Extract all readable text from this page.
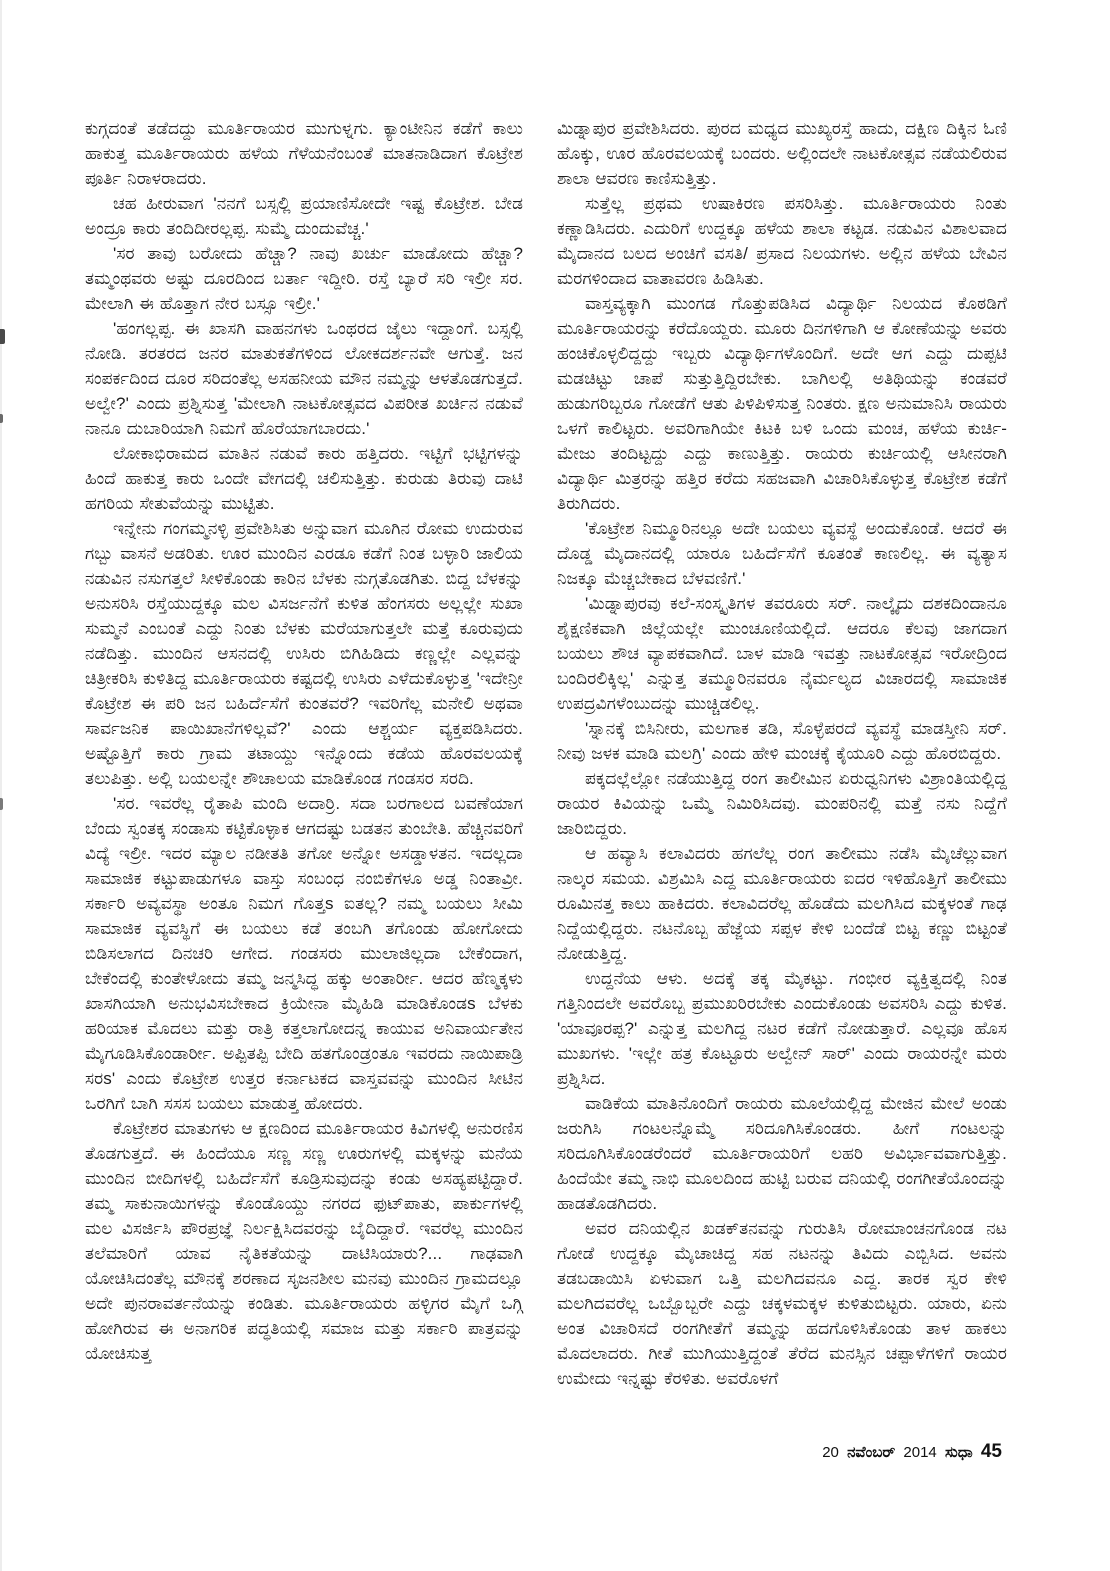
ಕುಗ್ಗದಂತೆ ತಡೆದದ್ದು ಮೂರ್ತಿರಾಯರ ಮುಗುಳ್ನಗು. ಕ್ಯಾಂಟೀನಿನ ಕಡೆಗೆ ಕಾಲು ಹಾಕುತ್ತ ಮೂರ್ತಿರಾಯರು ಹಳೆಯ ಗೆಳೆಯನೆಂಬಂತೆ ಮಾತನಾಡಿದಾಗ ಕೊಟ್ರೇಶ ಪೂರ್ತಿ ನಿರಾಳರಾದರು.

ಚಹ ಹೀರುವಾಗ 'ನನಗೆ ಬಸ್ಸಲ್ಲಿ ಪ್ರಯಾಣಿಸೋದೇ ಇಷ್ಟ ಕೊಟ್ರೇಶ. ಬೇಡ ಅಂದ್ರೂ ಕಾರು ತಂದಿದೀರಲ್ಲಪ್ಪ. ಸುಮ್ಮೆ ದುಂದುವೆಚ್ಚ.'

'ಸರ ತಾವು ಬರೋದು ಹೆಚ್ಚಾ? ನಾವು ಖರ್ಚು ಮಾಡೋದು ಹೆಚ್ಚಾ? ತಮ್ಮಂಥವರು ಅಷ್ಟು ದೂರದಿಂದ ಬರ್ತಾ ಇದ್ದೀರಿ. ರಸ್ತೆ ಬ್ಯಾರೆ ಸರಿ ಇಲ್ರೀ ಸರ. ಮೇಲಾಗಿ ಈ ಹೊತ್ತಾಗ ನೇರ ಬಸ್ಸೂ ಇಲ್ರೀ.'

'ಹಂಗಲ್ಲಪ್ಪ. ಈ ಖಾಸಗಿ ವಾಹನಗಳು ಒಂಥರದ ಜೈಲು ಇದ್ದಾಂಗೆ. ಬಸ್ಸಲ್ಲಿ ನೋಡಿ. ತರತರದ ಜನರ ಮಾತುಕತೆಗಳಿಂದ ಲೋಕದರ್ಶನವೇ ಆಗುತ್ತೆ. ಜನ ಸಂಪರ್ಕದಿಂದ ದೂರ ಸರಿದಂತೆಲ್ಲ ಅಸಹನೀಯ ಮೌನ ನಮ್ಮನ್ನು ಆಳತೊಡಗುತ್ತದೆ. ಅಲ್ವೇ?' ಎಂದು ಪ್ರಶ್ನಿಸುತ್ತ 'ಮೇಲಾಗಿ ನಾಟಕೋತ್ಸವದ ವಿಪರೀತ ಖರ್ಚಿನ ನಡುವೆ ನಾನೂ ದುಬಾರಿಯಾಗಿ ನಿಮಗೆ ಹೊರೆಯಾಗಬಾರದು.'

ಲೋಕಾಭಿರಾಮದ ಮಾತಿನ ನಡುವೆ ಕಾರು ಹತ್ತಿದರು. ಇಟ್ಟಿಗೆ ಭಟ್ಟಿಗಳನ್ನು ಹಿಂದೆ ಹಾಕುತ್ತ ಕಾರು ಒಂದೇ ವೇಗದಲ್ಲಿ ಚಲಿಸುತ್ತಿತ್ತು. ಕುರುಡು ತಿರುವು ದಾಟಿ ಹಗರಿಯ ಸೇತುವೆಯನ್ನು ಮುಟ್ಟಿತು.

ಇನ್ನೇನು ಗಂಗಮ್ಮನಳ್ಳಿ ಪ್ರವೇಶಿಸಿತು ಅನ್ನುವಾಗ ಮೂಗಿನ ರೋಮ ಉದುರುವ ಗಬ್ಬು ವಾಸನೆ ಅಡರಿತು. ಊರ ಮುಂದಿನ ಎರಡೂ ಕಡೆಗೆ ನಿಂತ ಬಳ್ಳಾರಿ ಜಾಲಿಯ ನಡುವಿನ ನಸುಗತ್ತಲೆ ಸೀಳಿಕೊಂಡು ಕಾರಿನ ಬೆಳಕು ನುಗ್ಗತೊಡಗಿತು. ಬಿದ್ದ ಬೆಳಕನ್ನು ಅನುಸರಿಸಿ ರಸ್ತೆಯುದ್ದಕ್ಕೂ ಮಲ ವಿಸರ್ಜನೆಗೆ ಕುಳಿತ ಹೆಂಗಸರು ಅಲ್ಲಲ್ಲೇ ಸುಖಾ ಸುಮ್ಮನೆ ಎಂಬಂತೆ ಎದ್ದು ನಿಂತು ಬೆಳಕು ಮರೆಯಾಗುತ್ತಲೇ ಮತ್ತೆ ಕೂರುವುದು ನಡೆದಿತ್ತು. ಮುಂದಿನ ಆಸನದಲ್ಲಿ ಉಸಿರು ಬಿಗಿಹಿಡಿದು ಕಣ್ಣಲ್ಲೇ ಎಲ್ಲವನ್ನು ಚಿತ್ರೀಕರಿಸಿ ಕುಳಿತಿದ್ದ ಮೂರ್ತಿರಾಯರು ಕಷ್ಟದಲ್ಲಿ ಉಸಿರು ಎಳೆದುಕೊಳ್ಳುತ್ತ 'ಇದೇನ್ರೀ ಕೊಟ್ರೇಶ ಈ ಪರಿ ಜನ ಬಹಿರ್ದೆಸೆಗೆ ಕುಂತವರೆ? ಇವರಿಗೆಲ್ಲ ಮನೇಲಿ ಅಥವಾ ಸಾರ್ವಜನಿಕ ಪಾಯಿಖಾನೆಗಳಿಲ್ಲವೆ?' ಎಂದು ಆಶ್ಚರ್ಯ ವ್ಯಕ್ತಪಡಿಸಿದರು. ಅಷ್ಟೊತ್ತಿಗೆ ಕಾರು ಗ್ರಾಮ ತಟಾಯ್ದು ಇನ್ನೊಂದು ಕಡೆಯ ಹೊರವಲಯಕ್ಕೆ ತಲುಪಿತ್ತು. ಅಲ್ಲಿ ಬಯಲನ್ನೇ ಶೌಚಾಲಯ ಮಾಡಿಕೊಂಡ ಗಂಡಸರ ಸರದಿ.

'ಸರ. ಇವರೆಲ್ಲ ರೈತಾಪಿ ಮಂದಿ ಅದಾರ್ರಿ. ಸದಾ ಬರಗಾಲದ ಬವಣೆಯಾಗ ಬೆಂದು ಸ್ವಂತಕ್ಕ ಸಂಡಾಸು ಕಟ್ಟಿಕೊಳ್ಳಾಕ ಆಗದಷ್ಟು ಬಡತನ ತುಂಬೇತಿ. ಹೆಚ್ಚಿನವರಿಗೆ ವಿದ್ಯೆ ಇಲ್ರೀ. ಇದರ ಮ್ಯಾಲ ನಡೀತತಿ ತಗೋ ಅನ್ನೋ ಅಸಡ್ಡಾಳತನ. ಇದಲ್ಲದಾ ಸಾಮಾಜಿಕ ಕಟ್ಟುಪಾಡುಗಳೂ ವಾಸ್ತು ಸಂಬಂಧ ನಂಬಿಕೆಗಳೂ ಅಡ್ಡ ನಿಂತಾವ್ರೀ. ಸರ್ಕಾರಿ ಅವ್ಯವಸ್ಥಾ ಅಂತೂ ನಿಮಗ ಗೊತ್ತs ಐತಲ್ಲ? ನಮ್ಮ ಬಯಲು ಸೀಮಿ ಸಾಮಾಜಿಕ ವ್ಯವಸ್ಥಿಗೆ ಈ ಬಯಲು ಕಡೆ ತಂಬಗಿ ತಗೊಂಡು ಹೋಗೋದು ಬಿಡಿಸಲಾಗದ ದಿನಚರಿ ಆಗೇದ. ಗಂಡಸರು ಮುಲಾಜಿಲ್ಲದಾ ಬೇಕೆಂದಾಗ, ಬೇಕೆಂದಲ್ಲಿ ಕುಂತೇಳೋದು ತಮ್ಮ ಜನ್ಮಸಿದ್ಧ ಹಕ್ಕು ಅಂತಾರ್ರೀ. ಆದರ ಹೆಣ್ಮಕ್ಕಳು ಖಾಸಗಿಯಾಗಿ ಅನುಭವಿಸಬೇಕಾದ ಕ್ರಿಯೇನಾ ಮೈಹಿಡಿ ಮಾಡಿಕೊಂಡs ಬೆಳಕು ಹರಿಯಾಕ ಮೊದಲು ಮತ್ತು ರಾತ್ರಿ ಕತ್ತಲಾಗೋದನ್ನ ಕಾಯುವ ಅನಿವಾರ್ಯತೇನ ಮೈಗೂಡಿಸಿಕೊಂಡಾರ್ರೀ. ಅಪ್ಪಿತಪ್ಪಿ ಬೇದಿ ಹತಗೊಂಡ್ರಂತೂ ಇವರದು ನಾಯಿಪಾಡ್ರಿ ಸರs' ಎಂದು ಕೊಟ್ರೇಶ ಉತ್ತರ ಕರ್ನಾಟಕದ ವಾಸ್ತವವನ್ನು ಮುಂದಿನ ಸೀಟಿನ ಒರಗಿಗೆ ಬಾಗಿ ಸಸಸ ಬಯಲು ಮಾಡುತ್ತ ಹೋದರು.

ಕೊಟ್ರೇಶರ ಮಾತುಗಳು ಆ ಕ್ಷಣದಿಂದ ಮೂರ್ತಿರಾಯರ ಕಿವಿಗಳಲ್ಲಿ ಅನುರಣಿಸ ತೊಡಗುತ್ತದೆ. ಈ ಹಿಂದೆಯೂ ಸಣ್ಣ ಸಣ್ಣ ಊರುಗಳಲ್ಲಿ ಮಕ್ಕಳನ್ನು ಮನೆಯ ಮುಂದಿನ ಬೀದಿಗಳಲ್ಲಿ ಬಹಿರ್ದೆಸೆಗೆ ಕೂಡ್ರಿಸುವುದನ್ನು ಕಂಡು ಅಸಹ್ಯಪಟ್ಟಿದ್ದಾರೆ. ತಮ್ಮ ಸಾಕುನಾಯಿಗಳನ್ನು ಕೊಂಡೊಯ್ದು ನಗರದ ಫುಟ್‌ಪಾತು, ಪಾರ್ಕುಗಳಲ್ಲಿ ಮಲ ವಿಸರ್ಜಿಸಿ ಪೌರಪ್ರಜ್ಞೆ ನಿರ್ಲಕ್ಷಿಸಿದವರನ್ನು ಬೈದಿದ್ದಾರೆ. ಇವರೆಲ್ಲ ಮುಂದಿನ ತಲೆಮಾರಿಗೆ ಯಾವ ನೈತಿಕತೆಯನ್ನು ದಾಟಿಸಿಯಾರು?... ಗಾಢವಾಗಿ ಯೋಚಿಸಿದಂತೆಲ್ಲ ಮೌನಕ್ಕೆ ಶರಣಾದ ಸೃಜನಶೀಲ ಮನವು ಮುಂದಿನ ಗ್ರಾಮದಲ್ಲೂ ಅದೇ ಪುನರಾವರ್ತನೆಯನ್ನು ಕಂಡಿತು. ಮೂರ್ತಿರಾಯರು ಹಳ್ಳಿಗರ ಮೈಗೆ ಒಗ್ಗಿ ಹೋಗಿರುವ ಈ ಅನಾಗರಿಕ ಪದ್ಧತಿಯಲ್ಲಿ ಸಮಾಜ ಮತ್ತು ಸರ್ಕಾರಿ ಪಾತ್ರವನ್ನು ಯೋಚಿಸುತ್ತ

ಮಿಡ್ನಾಪುರ ಪ್ರವೇಶಿಸಿದರು. ಪುರದ ಮಧ್ಯದ ಮುಖ್ಯರಸ್ತೆ ಹಾದು, ದಕ್ಷಿಣ ದಿಕ್ಕಿನ ಓಣಿ ಹೊಕ್ಕು, ಊರ ಹೊರವಲಯಕ್ಕೆ ಬಂದರು. ಅಲ್ಲಿಂದಲೇ ನಾಟಕೋತ್ಸವ ನಡೆಯಲಿರುವ ಶಾಲಾ ಆವರಣ ಕಾಣಿಸುತ್ತಿತ್ತು.

ಸುತ್ತೆಲ್ಲ ಪ್ರಥಮ ಉಷಾಕಿರಣ ಪಸರಿಸಿತ್ತು. ಮೂರ್ತಿರಾಯರು ನಿಂತು ಕಣ್ಣಾಡಿಸಿದರು. ಎದುರಿಗೆ ಉದ್ದಕ್ಕೂ ಹಳೆಯ ಶಾಲಾ ಕಟ್ಟಡ. ನಡುವಿನ ವಿಶಾಲವಾದ ಮೈದಾನದ ಬಲದ ಅಂಚಿಗೆ ವಸತಿ/ ಪ್ರಸಾದ ನಿಲಯಗಳು. ಅಲ್ಲಿನ ಹಳೆಯ ಬೇವಿನ ಮರಗಳಿಂದಾದ ವಾತಾವರಣ ಹಿಡಿಸಿತು.

ವಾಸ್ತವ್ಯಕ್ಕಾಗಿ ಮುಂಗಡ ಗೊತ್ತುಪಡಿಸಿದ ವಿದ್ಯಾರ್ಥಿ ನಿಲಯದ ಕೊಠಡಿಗೆ ಮೂರ್ತಿರಾಯರನ್ನು ಕರೆದೊಯ್ದರು. ಮೂರು ದಿನಗಳಿಗಾಗಿ ಆ ಕೋಣೆಯನ್ನು ಅವರು ಹಂಚಿಕೊಳ್ಳಲಿದ್ದದ್ದು ಇಬ್ಬರು ವಿದ್ಯಾರ್ಥಿಗಳೊಂದಿಗೆ. ಅದೇ ಆಗ ಎದ್ದು ದುಪ್ಪಟಿ ಮಡಚಿಟ್ಟು ಚಾಪೆ ಸುತ್ತುತ್ತಿದ್ದಿರಬೇಕು. ಬಾಗಿಲಲ್ಲಿ ಅತಿಥಿಯನ್ನು ಕಂಡವರೆ ಹುಡುಗರಿಬ್ಬರೂ ಗೋಡೆಗೆ ಆತು ಪಿಳಿಪಿಳಿಸುತ್ತ ನಿಂತರು. ಕ್ಷಣ ಅನುಮಾನಿಸಿ ರಾಯರು ಒಳಗೆ ಕಾಲಿಟ್ಟರು. ಅವರಿಗಾಗಿಯೇ ಕಿಟಕಿ ಬಳಿ ಒಂದು ಮಂಚ, ಹಳೆಯ ಕುರ್ಚಿ-ಮೇಜು ತಂದಿಟ್ಟದ್ದು ಎದ್ದು ಕಾಣುತ್ತಿತ್ತು. ರಾಯರು ಕುರ್ಚಿಯಲ್ಲಿ ಆಸೀನರಾಗಿ ವಿದ್ಯಾರ್ಥಿ ಮಿತ್ರರನ್ನು ಹತ್ತಿರ ಕರೆದು ಸಹಜವಾಗಿ ವಿಚಾರಿಸಿಕೊಳ್ಳುತ್ತ ಕೊಟ್ರೇಶ ಕಡೆಗೆ ತಿರುಗಿದರು.

'ಕೊಟ್ರೇಶ ನಿಮ್ಮೂರಿನಲ್ಲೂ ಅದೇ ಬಯಲು ವ್ಯವಸ್ಥೆ ಅಂದುಕೊಂಡೆ. ಆದರೆ ಈ ದೊಡ್ಡ ಮೈದಾನದಲ್ಲಿ ಯಾರೂ ಬಹಿರ್ದೆಸೆಗೆ ಕೂತಂತೆ ಕಾಣಲಿಲ್ಲ. ಈ ವ್ಯತ್ಯಾಸ ನಿಜಕ್ಕೂ ಮೆಚ್ಚಬೇಕಾದ ಬೆಳವಣಿಗೆ.'

'ಮಿಡ್ನಾಪುರವು ಕಲೆ-ಸಂಸ್ಕೃತಿಗಳ ತವರೂರು ಸರ್. ನಾಲ್ಕೈದು ದಶಕದಿಂದಾನೂ ಶೈಕ್ಷಣಿಕವಾಗಿ ಜಿಲ್ಲೆಯಲ್ಲೇ ಮುಂಚೂಣಿಯಲ್ಲಿದೆ. ಆದರೂ ಕೆಲವು ಜಾಗದಾಗ ಬಯಲು ಶೌಚ ವ್ಯಾಪಕವಾಗಿದೆ. ಬಾಳ ಮಾಡಿ ಇವತ್ತು ನಾಟಕೋತ್ಸವ ಇರೋದ್ರಿಂದ ಬಂದಿರಲಿಕ್ಕಿಲ್ಲ' ಎನ್ನುತ್ತ ತಮ್ಮೂರಿನವರೂ ನೈರ್ಮಲ್ಯದ ವಿಚಾರದಲ್ಲಿ ಸಾಮಾಜಿಕ ಉಪದ್ರವಿಗಳೆಂಬುದನ್ನು ಮುಚ್ಚಿಡಲಿಲ್ಲ.

'ಸ್ನಾನಕ್ಕೆ ಬಿಸಿನೀರು, ಮಲಗಾಕ ತಡಿ, ಸೊಳ್ಳೆಪರದೆ ವ್ಯವಸ್ಥೆ ಮಾಡಸ್ತೀನಿ ಸರ್. ನೀವು ಜಳಕ ಮಾಡಿ ಮಲಗ್ರಿ' ಎಂದು ಹೇಳಿ ಮಂಚಕ್ಕೆ ಕೈಯೂರಿ ಎದ್ದು ಹೊರಬಿದ್ದರು.

ಪಕ್ಕದಲ್ಲೆಲ್ಲೋ ನಡೆಯುತ್ತಿದ್ದ ರಂಗ ತಾಲೀಮಿನ ಏರುಧ್ವನಿಗಳು ವಿಶ್ರಾಂತಿಯಲ್ಲಿದ್ದ ರಾಯರ ಕಿವಿಯನ್ನು ಒಮ್ಮೆ ನಿಮಿರಿಸಿದವು. ಮಂಪರಿನಲ್ಲಿ ಮತ್ತೆ ನಸು ನಿದ್ದೆಗೆ ಜಾರಿಬಿದ್ದರು.

ಆ ಹವ್ಯಾಸಿ ಕಲಾವಿದರು ಹಗಲೆಲ್ಲ ರಂಗ ತಾಲೀಮು ನಡೆಸಿ ಮೈಚೆಲ್ಲುವಾಗ ನಾಲ್ಕರ ಸಮಯ. ವಿಶ್ರಮಿಸಿ ಎದ್ದ ಮೂರ್ತಿರಾಯರು ಐದರ ಇಳಿಹೊತ್ತಿಗೆ ತಾಲೀಮು ರೂಮಿನತ್ತ ಕಾಲು ಹಾಕಿದರು. ಕಲಾವಿದರೆಲ್ಲ ಹೊಡೆದು ಮಲಗಿಸಿದ ಮಕ್ಕಳಂತೆ ಗಾಢ ನಿದ್ದೆಯಲ್ಲಿದ್ದರು. ನಟನೊಬ್ಬ ಹೆಜ್ಜೆಯ ಸಪ್ಪಳ ಕೇಳಿ ಬಂದೆಡೆ ಬಿಟ್ಟ ಕಣ್ಣು ಬಿಟ್ಟಂತೆ ನೋಡುತ್ತಿದ್ದ.

ಉದ್ದನೆಯ ಆಳು. ಅದಕ್ಕೆ ತಕ್ಕ ಮೈಕಟ್ಟು. ಗಂಭೀರ ವ್ಯಕ್ತಿತ್ವದಲ್ಲಿ ನಿಂತ ಗತ್ತಿನಿಂದಲೇ ಅವರೊಬ್ಬ ಪ್ರಮುಖರಿರಬೇಕು ಎಂದುಕೊಂಡು ಅವಸರಿಸಿ ಎದ್ದು ಕುಳಿತ. 'ಯಾವೂರಪ್ಪ?' ಎನ್ನುತ್ತ ಮಲಗಿದ್ದ ನಟರ ಕಡೆಗೆ ನೋಡುತ್ತಾರೆ. ಎಲ್ಲವೂ ಹೊಸ ಮುಖಗಳು. 'ಇಲ್ಲೇ ಹತ್ರ ಕೊಟ್ಟೂರು ಅಲ್ವೇನ್ ಸಾರ್' ಎಂದು ರಾಯರನ್ನೇ ಮರು ಪ್ರಶ್ನಿಸಿದ.

ವಾಡಿಕೆಯ ಮಾತಿನೊಂದಿಗೆ ರಾಯರು ಮೂಲೆಯಲ್ಲಿದ್ದ ಮೇಜಿನ ಮೇಲೆ ಅಂಡು ಜರುಗಿಸಿ ಗಂಟಲನ್ನೊಮ್ಮೆ ಸರಿದೂಗಿಸಿಕೊಂಡರು. ಹೀಗೆ ಗಂಟಲನ್ನು ಸರಿದೂಗಿಸಿಕೊಂಡರೆಂದರೆ ಮೂರ್ತಿರಾಯರಿಗೆ ಲಹರಿ ಅವಿರ್ಭಾವವಾಗುತ್ತಿತ್ತು. ಹಿಂದೆಯೇ ತಮ್ಮ ನಾಭಿ ಮೂಲದಿಂದ ಹುಟ್ಟಿ ಬರುವ ದನಿಯಲ್ಲಿ ರಂಗಗೀತೆಯೊಂದನ್ನು ಹಾಡತೊಡಗಿದರು.

ಅವರ ದನಿಯಲ್ಲಿನ ಖಡಕ್‌ತನವನ್ನು ಗುರುತಿಸಿ ರೋಮಾಂಚನಗೊಂಡ ನಟ ಗೋಡೆ ಉದ್ದಕ್ಕೂ ಮೈಚಾಚಿದ್ದ ಸಹ ನಟನನ್ನು ತಿವಿದು ಎಬ್ಬಿಸಿದ. ಅವನು ತಡಬಡಾಯಿಸಿ ಏಳುವಾಗ ಒತ್ತಿ ಮಲಗಿದವನೂ ಎದ್ದ. ತಾರಕ ಸ್ವರ ಕೇಳಿ ಮಲಗಿದವರೆಲ್ಲ ಒಬ್ಬೊಬ್ಬರೇ ಎದ್ದು ಚಕ್ಕಳಮಕ್ಕಳ ಕುಳಿತುಬಿಟ್ಟರು. ಯಾರು, ಏನು ಅಂತ ವಿಚಾರಿಸದೆ ರಂಗಗೀತೆಗೆ ತಮ್ಮನ್ನು ಹದಗೊಳಿಸಿಕೊಂಡು ತಾಳ ಹಾಕಲು ಮೊದಲಾದರು. ಗೀತೆ ಮುಗಿಯುತ್ತಿದ್ದಂತೆ ತೆರೆದ ಮನಸ್ಸಿನ ಚಪ್ಪಾಳೆಗಳಿಗೆ ರಾಯರ ಉಮೇದು ಇನ್ನಷ್ಟು ಕೆರಳಿತು. ಅವರೊಳಗೆ

20 ನವೆಂಬರ್ 2014 ಸುಧಾ 45
